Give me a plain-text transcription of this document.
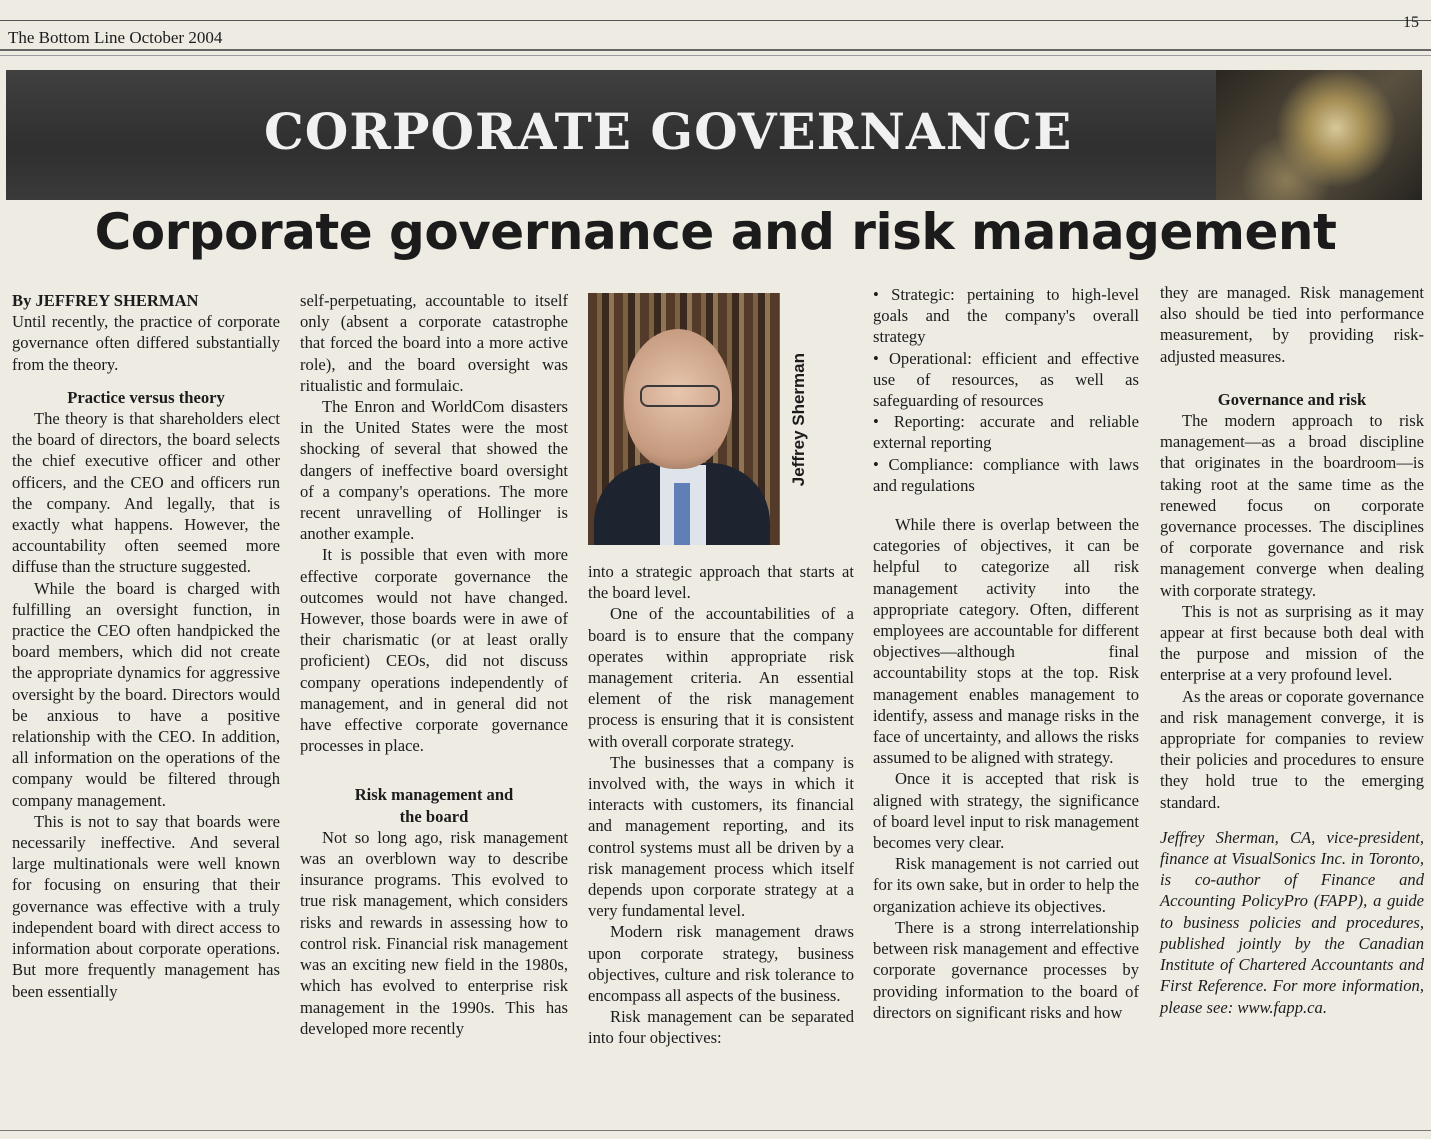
The Bottom Line October 2004
15
CORPORATE GOVERNANCE
Corporate governance and risk management

By JEFFREY SHERMAN

Until recently, the practice of corporate governance often differed substantially from the theory.

Practice versus theory

The theory is that shareholders elect the board of directors, the board selects the chief executive officer and other officers, and the CEO and officers run the company. And legally, that is exactly what happens. However, the accountability often seemed more diffuse than the structure suggested.

While the board is charged with fulfilling an oversight function, in practice the CEO often handpicked the board members, which did not create the appropriate dynamics for aggressive oversight by the board. Directors would be anxious to have a positive relationship with the CEO. In addition, all information on the operations of the company would be filtered through company management.

This is not to say that boards were necessarily ineffective. And several large multinationals were well known for focusing on ensuring that their governance was effective with a truly independent board with direct access to information about corporate operations. But more frequently management has been essentially

self-perpetuating, accountable to itself only (absent a corporate catastrophe that forced the board into a more active role), and the board oversight was ritualistic and formulaic.

The Enron and WorldCom disasters in the United States were the most shocking of several that showed the dangers of ineffective board oversight of a company's operations. The more recent unravelling of Hollinger is another example.

It is possible that even with more effective corporate governance the outcomes would not have changed. However, those boards were in awe of their charismatic (or at least orally proficient) CEOs, did not discuss company operations independently of management, and in general did not have effective corporate governance processes in place.

Risk management and the board

Not so long ago, risk management was an overblown way to describe insurance programs. This evolved to true risk management, which considers risks and rewards in assessing how to control risk. Financial risk management was an exciting new field in the 1980s, which has evolved to enterprise risk management in the 1990s. This has developed more recently

Jeffrey Sherman

into a strategic approach that starts at the board level.

One of the accountabilities of a board is to ensure that the company operates within appropriate risk management criteria. An essential element of the risk management process is ensuring that it is consistent with overall corporate strategy.

The businesses that a company is involved with, the ways in which it interacts with customers, its financial and management reporting, and its control systems must all be driven by a risk management process which itself depends upon corporate strategy at a very fundamental level.

Modern risk management draws upon corporate strategy, business objectives, culture and risk tolerance to encompass all aspects of the business.

Risk management can be separated into four objectives:

• Strategic: pertaining to high-level goals and the company's overall strategy

• Operational: efficient and effective use of resources, as well as safeguarding of resources

• Reporting: accurate and reliable external reporting

• Compliance: compliance with laws and regulations

While there is overlap between the categories of objectives, it can be helpful to categorize all risk management activity into the appropriate category. Often, different employees are accountable for different objectives—although final accountability stops at the top. Risk management enables management to identify, assess and manage risks in the face of uncertainty, and allows the risks assumed to be aligned with strategy.

Once it is accepted that risk is aligned with strategy, the significance of board level input to risk management becomes very clear.

Risk management is not carried out for its own sake, but in order to help the organization achieve its objectives.

There is a strong interrelationship between risk management and effective corporate governance processes by providing information to the board of directors on significant risks and how

they are managed. Risk management also should be tied into performance measurement, by providing risk-adjusted measures.

Governance and risk

The modern approach to risk management—as a broad discipline that originates in the boardroom—is taking root at the same time as the renewed focus on corporate governance processes. The disciplines of corporate governance and risk management converge when dealing with corporate strategy.

This is not as surprising as it may appear at first because both deal with the purpose and mission of the enterprise at a very profound level.

As the areas or coporate governance and risk management converge, it is appropriate for companies to review their policies and procedures to ensure they hold true to the emerging standard.

Jeffrey Sherman, CA, vice-president, finance at VisualSonics Inc. in Toronto, is co-author of Finance and Accounting PolicyPro (FAPP), a guide to business policies and procedures, published jointly by the Canadian Institute of Chartered Accountants and First Reference. For more information, please see: www.fapp.ca.
